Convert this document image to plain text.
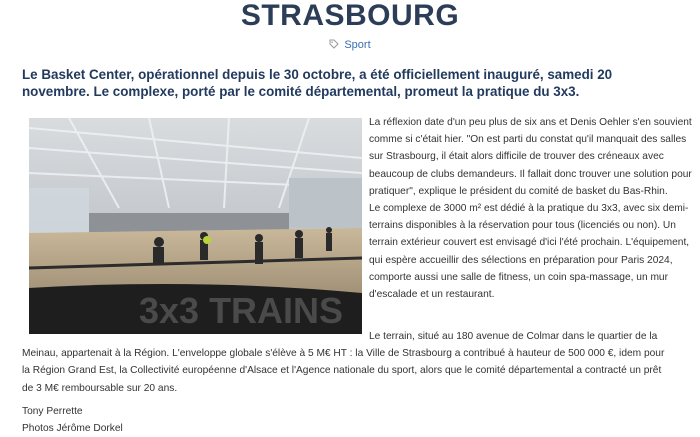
STRASBOURG
Sport
Le Basket Center, opérationnel depuis le 30 octobre, a été officiellement inauguré, samedi 20 novembre. Le complexe, porté par le comité départemental, promeut la pratique du 3x3.
3x3 TRAINS

La réflexion date d'un peu plus de six ans et Denis Oehler s'en souvient comme si c'était hier. "On est parti du constat qu'il manquait des salles sur Strasbourg, il était alors difficile de trouver des créneaux avec beaucoup de clubs demandeurs. Il fallait donc trouver une solution pour pratiquer", explique le président du comité de basket du Bas-Rhin.

Le complexe de 3000 m² est dédié à la pratique du 3x3, avec six demi-terrains disponibles à la réservation pour tous (licenciés ou non). Un terrain extérieur couvert est envisagé d'ici l'été prochain. L'équipement, qui espère accueillir des sélections en préparation pour Paris 2024, comporte aussi une salle de fitness, un coin spa-massage, un mur d'escalade et un restaurant.

Le terrain, situé au 180 avenue de Colmar dans le quartier de la

Meinau, appartenait à la Région. L'enveloppe globale s'élève à 5 M€ HT : la Ville de Strasbourg a contribué à hauteur de 500 000 €, idem pour la Région Grand Est, la Collectivité européenne d'Alsace et l'Agence nationale du sport, alors que le comité départemental a contracté un prêt de 3 M€ remboursable sur 20 ans.

Tony Perrette

Photos Jérôme Dorkel
